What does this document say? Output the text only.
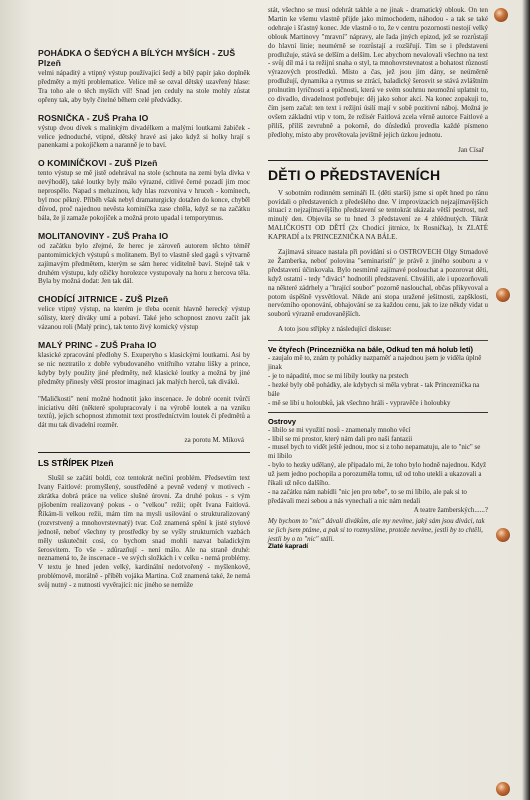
POHÁDKA O ŠEDÝCH A BÍLÝCH MYŠÍCH - ZUŠ Plzeň

velmi nápaditý a vtipný výstup používající šedý a bílý papír jako doplněk předměty a mýtí problematice. Velice mě se ozval dětský uzavřený hlase: Tra toho ale o těch myších víl! Snad jen ceduly na stole mohly zůstat opřeny tak, aby byly čitelné během celé předvádky.

ROSNIČKA - ZUŠ Praha IO

výstup dvou dívek s malinkým divadélkem a malými loutkami žabiček - velice jednoduché, vtipné, dětský hravé asi jako když si holky hrají s panenkami a pokojíčkem a naranně je to baví.

O KOMINÍČKOVI - ZUŠ Plzeň

tento výstup se mě jistě odehrával na stole (schnuta na zemi byla dívka v nevýhodě), také loutky byly málo výrazné, citlivé černé pozadí jim moc neprospělo. Napad s meluzinou, kdy hlas rozvoniva v hruceh - komínech, byl moc pěkný. Příběh však nebyl dramaturgicky dotažen do konce, chyběl důvod, proč najednou nevěsta kominíčka zase chtěla, když se na začátku bála, že jí zamaže pokojíček a možná proto upadal i temporytmus.

MOLITANOVINY - ZUŠ Praha IO

od začátku bylo zřejmé, že herec je zároveň autorem těchto téměř pantomimických výstupů s molitanem. Byl to vlastně sled gagů s výtvarně zajímavým předmětem, kterým se sám herec viditelně baví. Stejně tak v druhém výstupu, kdy ožičky horolezce vystupovaly na horu z hercova těla. Byla by možná dodat: Jen tak dál.

CHODÍCÍ JITRNICE - ZUŠ Plzeň

velice vtipný výstup, na kterém je třeba ocenit hlavně herecký výstup sólisty, který diváky umí a pobaví. Také jeho schopnost znovu začít jak vázanou roli (Malý princ), tak tento živý komický výstup

MALÝ PRINC - ZUŠ Praha IO

klasické zpracování předlohy S. Exuperyho s klasickými loutkami. Asi by se nic neztratilo z dobře vybudovaného vnitřního vztahu lišky a prince, kdyby byly použity jiné předměty, než klasické loutky a možná by jiné předměty přinesly větší prostor imaginaci jak malých herců, tak diváků.

"Maličkosti" není možné hodnotit jako inscenace. Je dobré ocenit tvůrčí iniciativu dětí (některé spolupracovaly i na výrobě loutek a na vzniku textů), jejich schopnost zhmotnit text prostředníctvím loutek či předmětů a dát mu tak divadelní rozměr.

za porotu M. Míková
LS STŘÍPEK Plzeň

Slušil se začátí boldí, coz tentokrát nečiní problém. Předsevtím text Ivany Faitlové: promyšlený, soustředěné a pevně vedený v motivech - zkrátka dobrá práce na velice slušné úrovni. Za druhé pokus - s vým pjšobením realizovaný pokus - o "velkou" režii; opět Ivana Faitlová. Říkám-li velkou režii, mám tím na mysli usilování o strukturalizovaný (rozvrstvený a mnohovrstevnatý) tvar. Což znamená spění k jisté stylové jednotě, neboť všechny ty prostředky by se vyšly strukturních vazbách měly uskutečnit cosi, co bychom snad mohli nazvat baladickým šerosvitem. To vše - zdůrazňují - není málo. Ale na straně druhé: neznamená to, že inscenace - ve svých složkách i v celku - nemá problémy. V textu je hned jeden velký, kardinální nedotvořený - myšlenkově, problémově, morálně - příběh vojáka Martina. Což znamená také, že nemá svůj nutný - z nutnosti vyvěrající: nic jiného se nemůže

stát, všechno se musí odehrát takhle a ne jinak - dramatický oblouk. On ten Martin ke všemu vlastně přijde jako mimochodem, náhodou - a tak se také odehraje i šťastný konec. Jde vlastně o to, že v centru pozornosti nestojí velký oblouk Martinovy "mravní" nápravy, ale řada jiných epizod, jež se rozrůstají do hlavní linie; neumérně se rozrůstají a rozšiřují. Tím se i představeni prodlužuje, stává se delším a delším. Lec abychom nevalovali všechno na text - svůj díl má i ta režijní snaha o styl, ta mnohovrstevnatost a bohatost růzností výrazových prostředků. Místo a čas, jež jsou jim dány, se neúměrně prodlužují, dynamika a rytmus se ztrácí, baladický šerosvit se stává zvláštním prolnutím lyričnosti a epičnosti, která ve svém souhrnu neumožní uplatnit to, co divadlo, divadelnost potřebuje: děj jako sohor akcí. Na konec zopakuji to, čím jsem začal: ten text i režijní úsilí mají v sobě pozitivní náboj. Možná je ovšem základní vtip v tom, že režisér Faitlová zcela věrně autorce Faitlové a přilíš, přílíš zevrubně a pokorně, do důsledků provedla každé písmeno předlohy, místo aby provětovala jevištně jejich úzkou jednotu.

Jan Císař
DĚTI O PŘEDSTAVENÍCH

V sobotním rodinném semináři II. (děti starší) jsme si opět hned po ránu povídali o představeních z předešlého dne. V improvizacích nejzajímavějších situací z nejzajímavějšího představení se tentokrát ukázala větší pestrost, než minulý den. Objevila se tu hned 3 představení ze 4 zhlédnutých. Tikrát MALIČKOSTI OD DĚTÍ (2x Chodící jitrnice, lx Rosnička), lx ZLATÉ KAPRADÍ a lx PRINCEZNIČKA NA BÁLE.

Zajímavá situace nastala při povídání si o OSTROVECH Olgy Strnadové ze Žamberka, neboť polovina "seminaristů" je právě z jiného souboru a v představení účinkovala. Bylo nesmírně zajímavé poslouchat a pozorovat děti, když ostatní - tedy "diváci" hodnotili představení. Chválili, ale i upozorňovali na některé zádrhely a "hrající soubor" pozorně naslouchal, občas přikyvoval a potom úspěšně vysvětloval. Nikde ani stopa uražené ješitnosti, zapšklosti, nervózního oponování, obhajování se za každou cenu, jak to ize někdy vidat u souborů výrazně erudovanějších.

A toto jsou střípky z následující diskuse:

Ve čtyřech (Princeznička na bále, Odkud ten má holub letí)
- zaujalo mě to, znám ty pohádky nazpaměť a najednou jsem je viděla úplně jinak
- je to nápadité, moc se mi líbily loutky na prstech
- hezké byly obě pohádky, ale kdybych si měla vybrat - tak Princeznička na bále
- mě se líbí u holoubků, jak všechno hráli - vypravěče i holoubky
Ostrovy
- líbilo se mi využití nosů - znamenaly mnoho věcí
- líbil se mi prostor, který nám dali pro naši fantazii
- musel bych to vidět ještě jednou, moc si z toho nepamatuju, ale to "nic" se mi líbilo
- bylo to hezky udělaný, ale připadalo mi, že toho bylo hodně najednou. Když už jsem jedno pochopila a porozuměla tomu, už od toho utekli a ukazovali a říkali už něco dalšího.
- na začátku nám nabídli "nic jen pro tebe", to se mi líbilo, ale pak si to předávali mezi sebou a nás vynechali a nic nám nedali
A teatre žamberských......?

My bychom to "nic" dávali divákům, ale my nevíme, jaký sám jsou diváci, tak se jich jsem ptáme, a pak si to rozmyslíme, protože nevíme, jestli by to chtěli, jestli by o to "nic" stáli.

Zlaté kapradí
